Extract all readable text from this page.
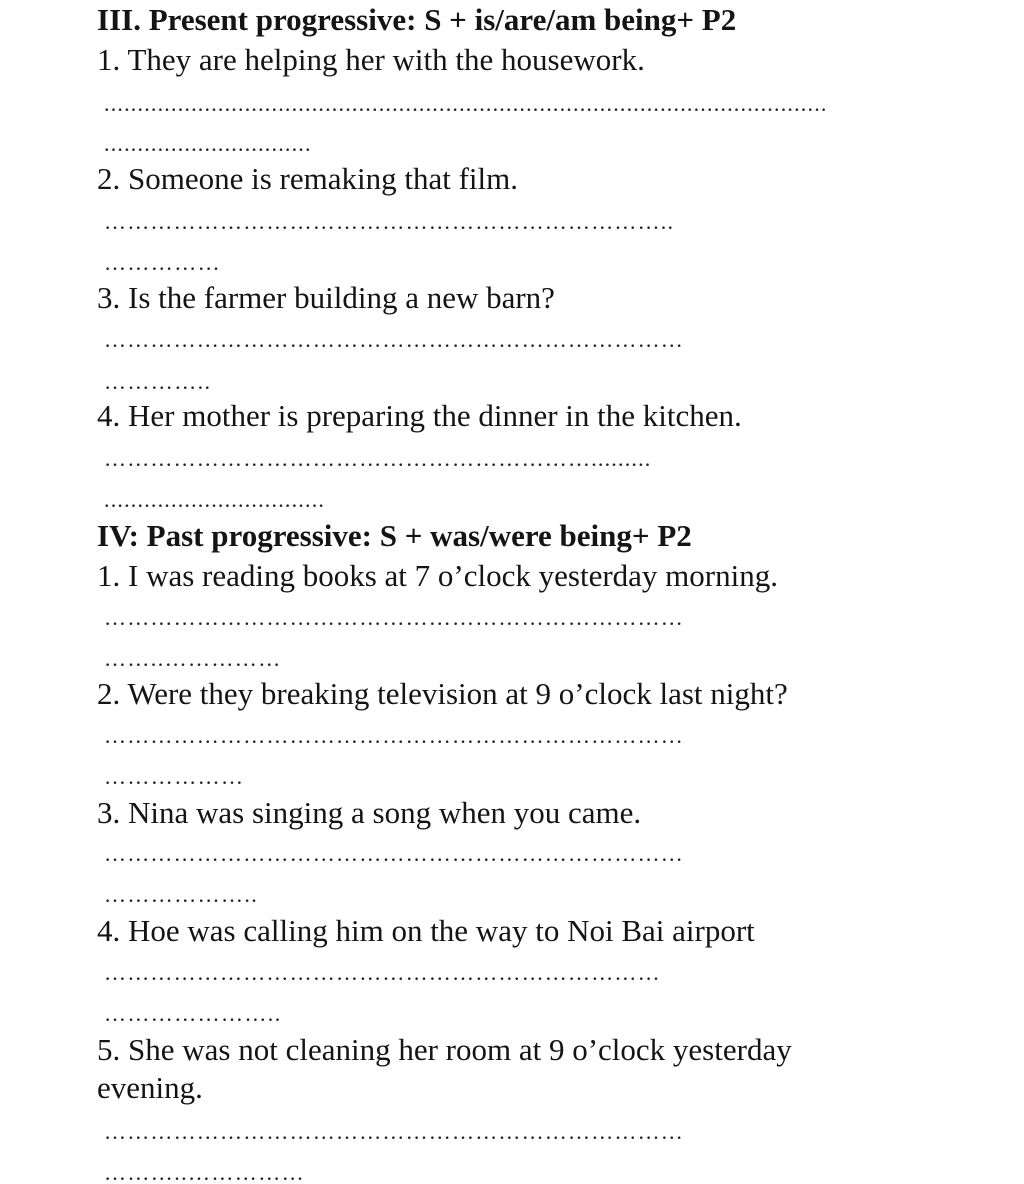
III. Present progressive: S + is/are/am being+ P2
1. They are helping her with the housework.
............................................................................................................
...............................
2. Someone is remaking that film.
………………………………………………………………..
……………
3. Is the farmer building a new barn?
…………………………………………………………………
…………..
4. Her mother is preparing the dinner in the kitchen.
……………………………………………………….........
.................................
IV: Past progressive: S + was/were being+ P2
1. I was reading books at 7 o’clock yesterday morning.
…………………………………………………………………
……..……………
2. Were they breaking television at 9 o’clock last night?
…………………………………………………………………
………………
3. Nina was singing a song when you came.
…………………………………………………………………
………………..
4. Hoe was calling him on the way to Noi Bai airport
………………………………………………………………
…………………..
5. She was not cleaning her room at 9 o’clock yesterday evening.
…………………………………………………………………
………..……………
